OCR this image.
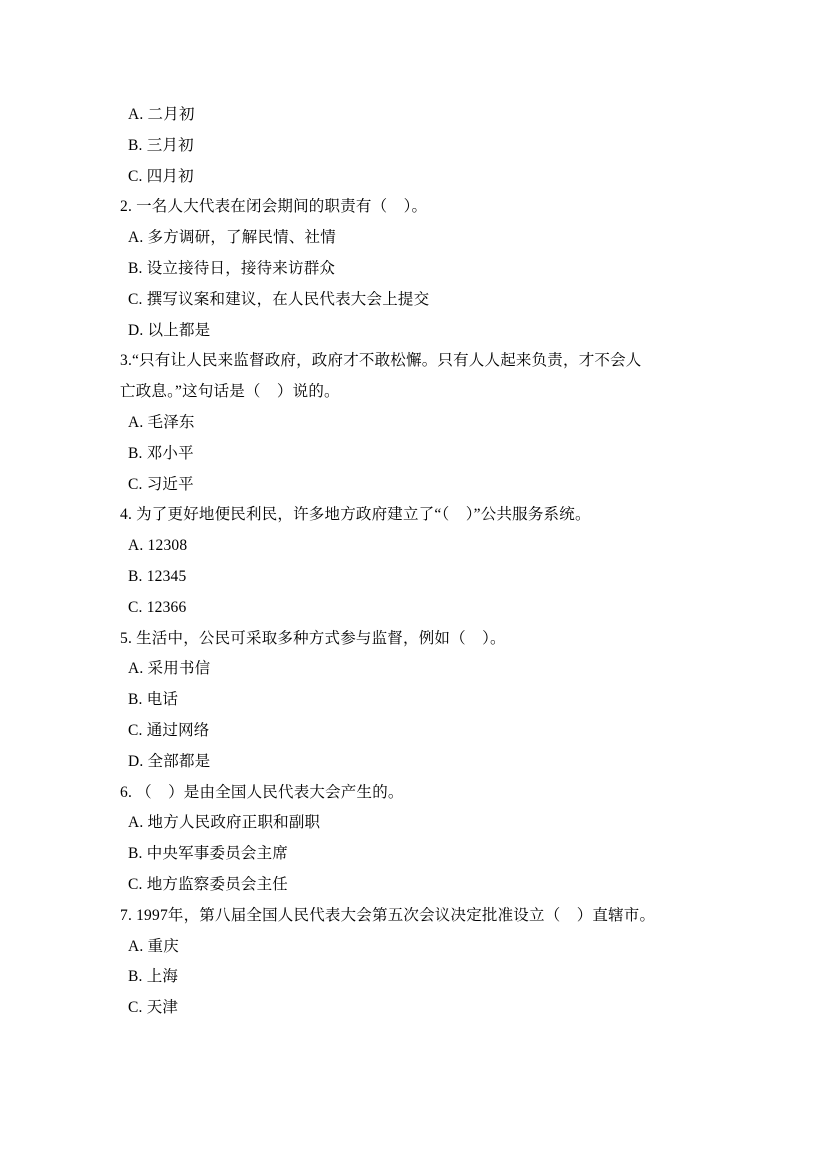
A. 二月初
B. 三月初
C. 四月初
2. 一名人大代表在闭会期间的职责有（    ）。
A. 多方调研，了解民情、社情
B. 设立接待日，接待来访群众
C. 撰写议案和建议，在人民代表大会上提交
D. 以上都是
3.“只有让人民来监督政府，政府才不敢松懈。只有人人起来负责，才不会人
亡政息。”这句话是（    ）说的。
A. 毛泽东
B. 邓小平
C. 习近平
4. 为了更好地便民利民，许多地方政府建立了“（    ）”公共服务系统。
A. 12308
B. 12345
C. 12366
5. 生活中，公民可采取多种方式参与监督，例如（    ）。
A. 采用书信
B. 电话
C. 通过网络
D. 全部都是
6. （    ）是由全国人民代表大会产生的。
A. 地方人民政府正职和副职
B. 中央军事委员会主席
C. 地方监察委员会主任
7. 1997年，第八届全国人民代表大会第五次会议决定批准设立（    ）直辖市。
A. 重庆
B. 上海
C. 天津
